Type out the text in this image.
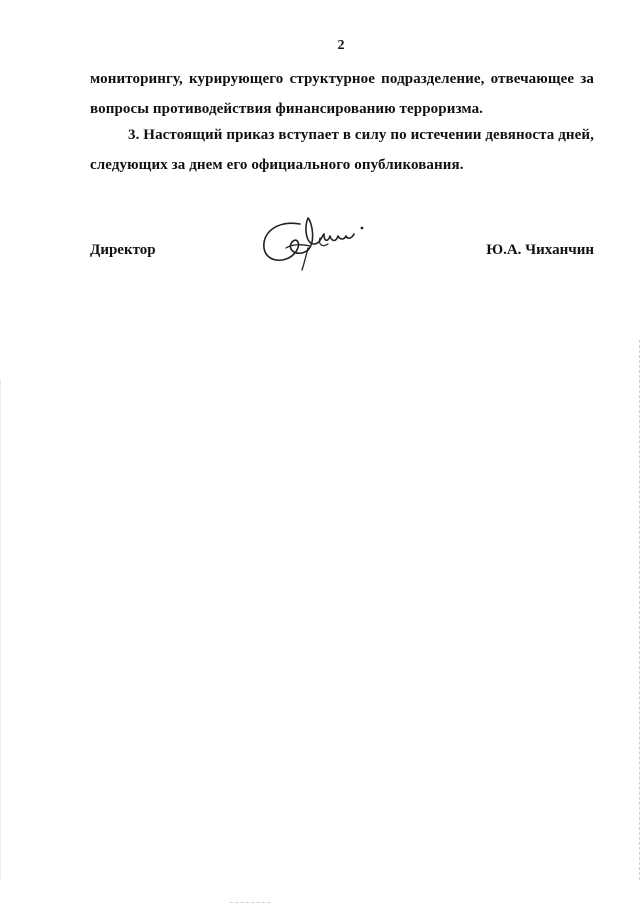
2
мониторингу, курирующего структурное подразделение, отвечающее за
вопросы противодействия финансированию терроризма.
3. Настоящий приказ вступает в силу по истечении девяноста дней,
следующих за днем его официального опубликования.
Директор	Ю.А. Чиханчин
